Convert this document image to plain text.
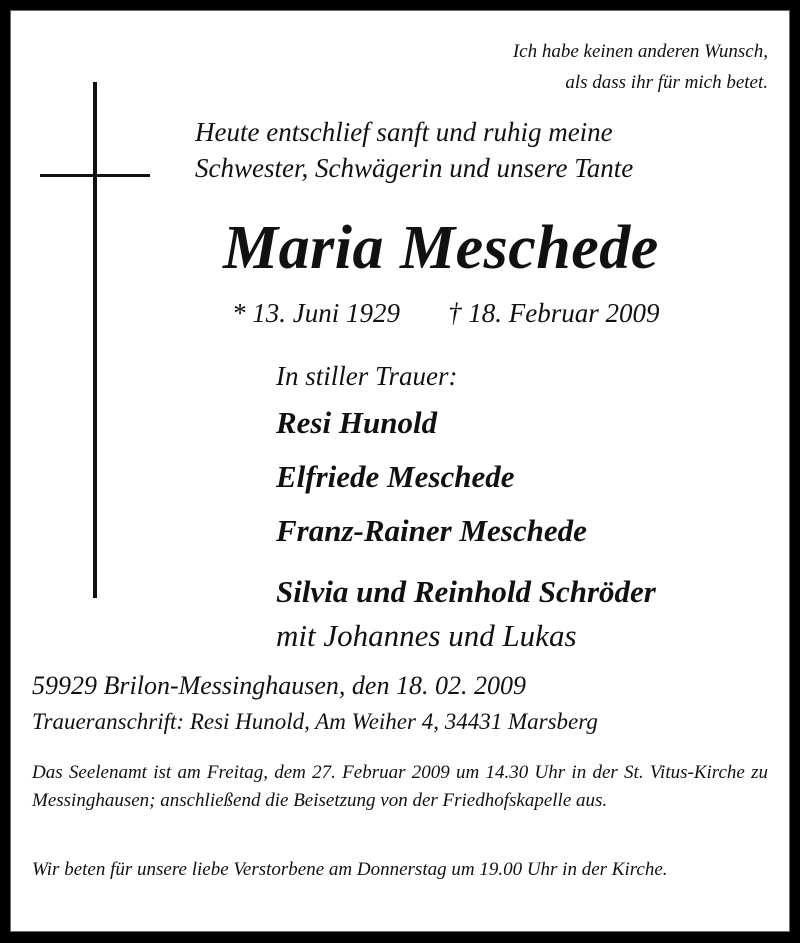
Ich habe keinen anderen Wunsch,
als dass ihr für mich betet.
Heute entschlief sanft und ruhig meine
Schwester, Schwägerin und unsere Tante
Maria Meschede
* 13. Juni 1929 † 18. Februar 2009
In stiller Trauer:
Resi Hunold
Elfriede Meschede
Franz-Rainer Meschede
Silvia und Reinhold Schröder
mit Johannes und Lukas
59929 Brilon-Messinghausen, den 18. 02. 2009
Traueranschrift: Resi Hunold, Am Weiher 4, 34431 Marsberg
Das Seelenamt ist am Freitag, dem 27. Februar 2009 um 14.30 Uhr in der St. Vitus-Kirche zu Messinghausen; anschließend die Beisetzung von der Friedhofskapelle aus.
Wir beten für unsere liebe Verstorbene am Donnerstag um 19.00 Uhr in der Kirche.
